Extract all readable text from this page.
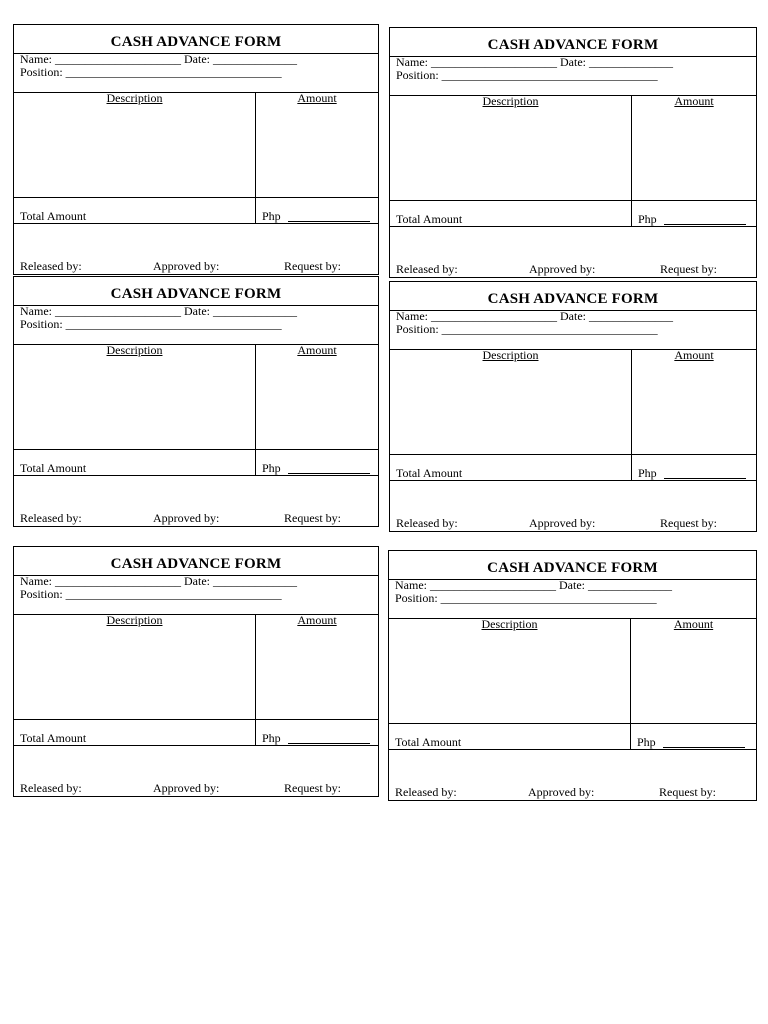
CASH ADVANCE FORM
Name: _____________________ Date: ______________
Position: ____________________________________
Description	Amount
Total Amount	Php
Released by:	Approved by:	Request by:
CASH ADVANCE FORM
Name: _____________________ Date: ______________
Position: ____________________________________
Description	Amount
Total Amount	Php
Released by:	Approved by:	Request by:
CASH ADVANCE FORM
Name: _____________________ Date: ______________
Position: ____________________________________
Description	Amount
Total Amount	Php
Released by:	Approved by:	Request by:
CASH ADVANCE FORM
Name: _____________________ Date: ______________
Position: ____________________________________
Description	Amount
Total Amount	Php
Released by:	Approved by:	Request by:
CASH ADVANCE FORM
Name: _____________________ Date: ______________
Position: ____________________________________
Description	Amount
Total Amount	Php
Released by:	Approved by:	Request by:
CASH ADVANCE FORM
Name: _____________________ Date: ______________
Position: ____________________________________
Description	Amount
Total Amount	Php
Released by:	Approved by:	Request by:
